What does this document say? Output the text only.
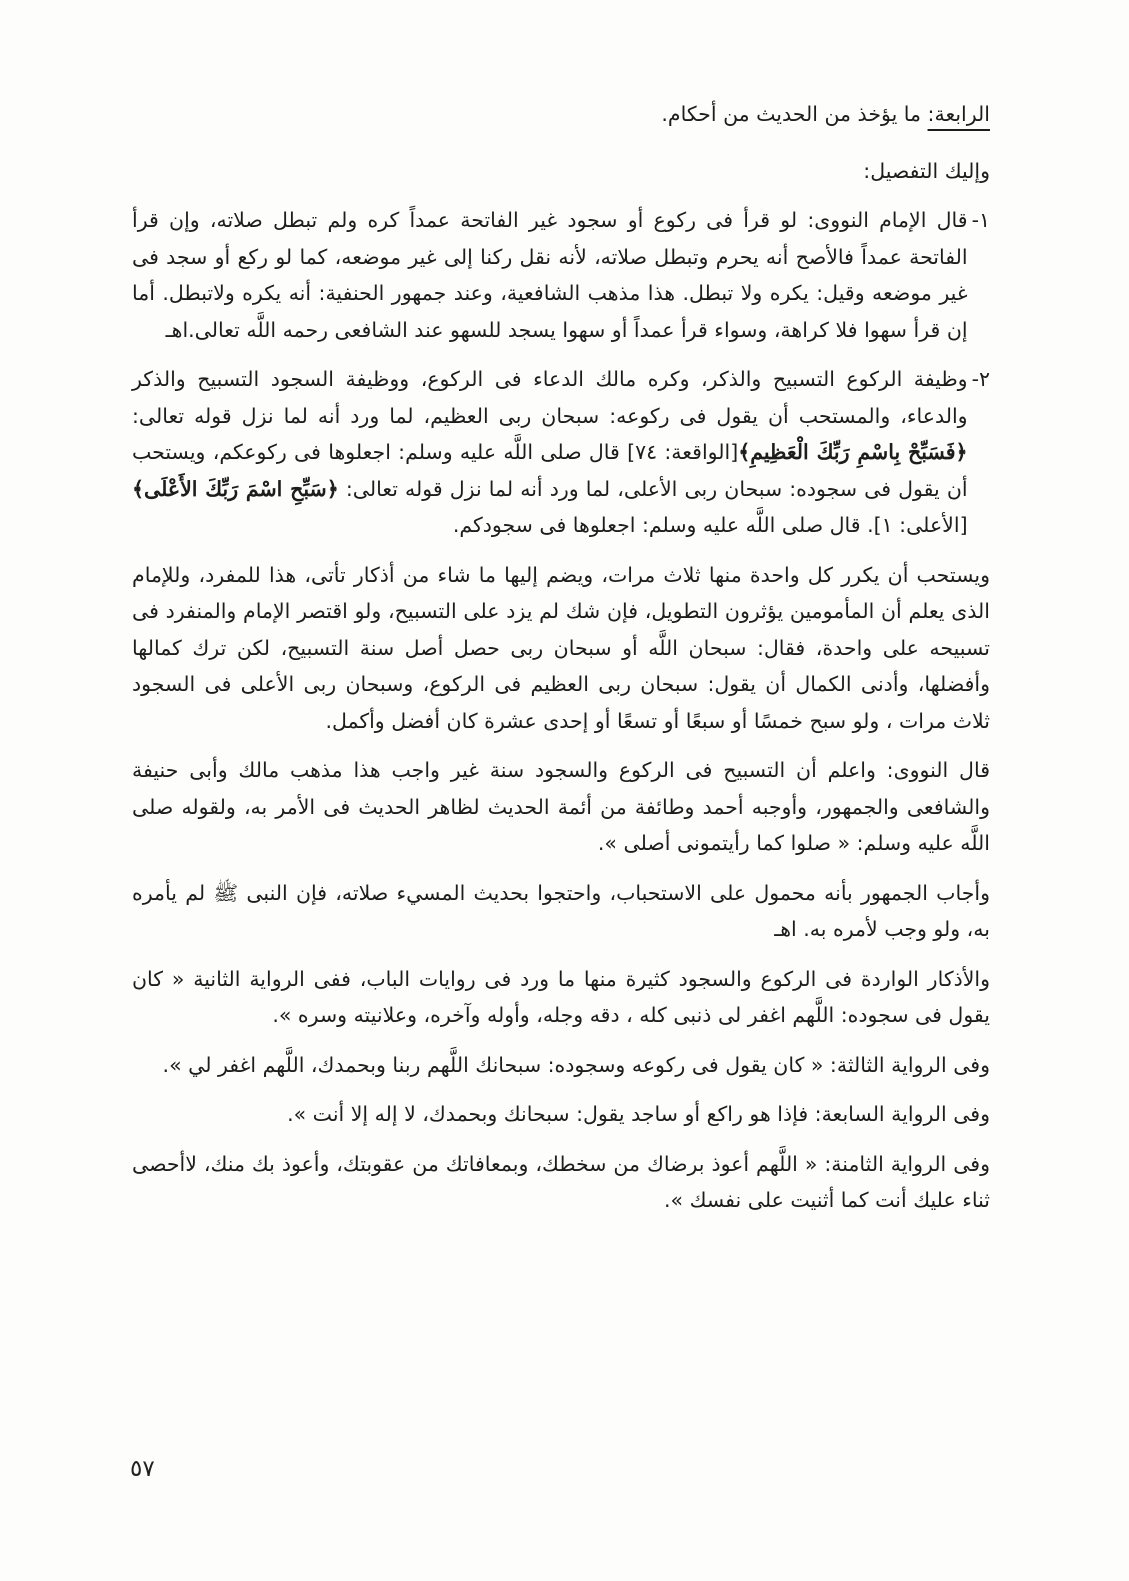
الرابعة: ما يؤخذ من الحديث من أحكام.

وإليك التفصيل:

١-

قال الإمام النووى: لو قرأ فى ركوع أو سجود غير الفاتحة عمداً كره ولم تبطل صلاته، وإن قرأ الفاتحة عمداً فالأصح أنه يحرم وتبطل صلاته، لأنه نقل ركنا إلى غير موضعه، كما لو ركع أو سجد فى غير موضعه وقيل: يكره ولا تبطل. هذا مذهب الشافعية، وعند جمهور الحنفية: أنه يكره ولاتبطل. أما إن قرأ سهوا فلا كراهة، وسواء قرأ عمداً أو سهوا يسجد للسهو عند الشافعى رحمه اللَّه تعالى.اهـ

٢-

وظيفة الركوع التسبيح والذكر، وكره مالك الدعاء فى الركوع، ووظيفة السجود التسبيح والذكر والدعاء، والمستحب أن يقول فى ركوعه: سبحان ربى العظيم، لما ورد أنه لما نزل قوله تعالى: ﴿فَسَبِّحْ بِاسْمِ رَبِّكَ الْعَظِيمِ﴾[الواقعة: ٧٤] قال صلى اللَّه عليه وسلم: اجعلوها فى ركوعكم، ويستحب أن يقول فى سجوده: سبحان ربى الأعلى، لما ورد أنه لما نزل قوله تعالى: ﴿سَبِّحِ اسْمَ رَبِّكَ الأَعْلَى﴾[الأعلى: ١]. قال صلى اللَّه عليه وسلم: اجعلوها فى سجودكم.

ويستحب أن يكرر كل واحدة منها ثلاث مرات، ويضم إليها ما شاء من أذكار تأتى، هذا للمفرد، وللإمام الذى يعلم أن المأمومين يؤثرون التطويل، فإن شك لم يزد على التسبيح، ولو اقتصر الإمام والمنفرد فى تسبيحه على واحدة، فقال: سبحان اللَّه أو سبحان ربى حصل أصل سنة التسبيح، لكن ترك كمالها وأفضلها، وأدنى الكمال أن يقول: سبحان ربى العظيم فى الركوع، وسبحان ربى الأعلى فى السجود ثلاث مرات ، ولو سبح خمسًا أو سبعًا أو تسعًا أو إحدى عشرة كان أفضل وأكمل.

قال النووى: واعلم أن التسبيح فى الركوع والسجود سنة غير واجب هذا مذهب مالك وأبى حنيفة والشافعى والجمهور، وأوجبه أحمد وطائفة من أئمة الحديث لظاهر الحديث فى الأمر به، ولقوله صلى اللَّه عليه وسلم: « صلوا كما رأيتمونى أصلى ».

وأجاب الجمهور بأنه محمول على الاستحباب، واحتجوا بحديث المسيء صلاته، فإن النبى ﷺ لم يأمره به، ولو وجب لأمره به. اهـ

والأذكار الواردة فى الركوع والسجود كثيرة منها ما ورد فى روايات الباب، ففى الرواية الثانية « كان يقول فى سجوده: اللَّهم اغفر لى ذنبى كله ، دقه وجله، وأوله وآخره، وعلانيته وسره ».

وفى الرواية الثالثة: « كان يقول فى ركوعه وسجوده: سبحانك اللَّهم ربنا وبحمدك، اللَّهم اغفر لي ».

وفى الرواية السابعة: فإذا هو راكع أو ساجد يقول: سبحانك وبحمدك، لا إله إلا أنت ».

وفى الرواية الثامنة: « اللَّهم أعوذ برضاك من سخطك، وبمعافاتك من عقوبتك، وأعوذ بك منك، لاأحصى ثناء عليك أنت كما أثنيت على نفسك ».

٥٧
